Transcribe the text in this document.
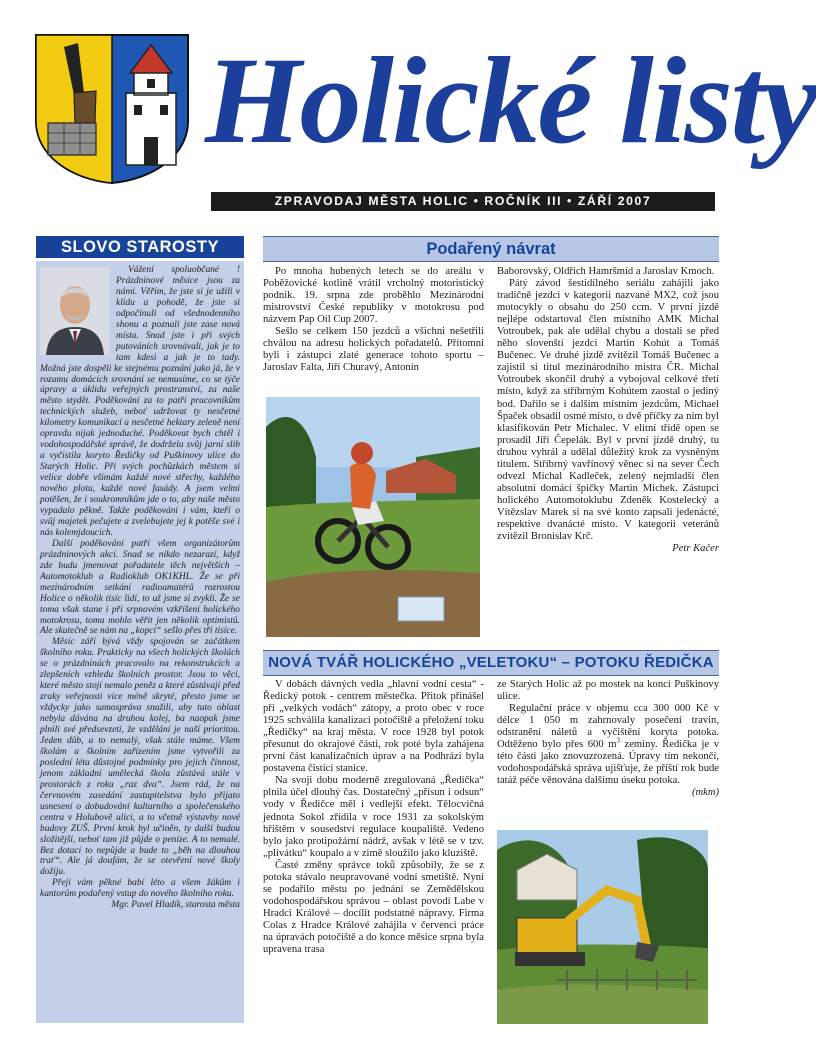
Holické listy
ZPRAVODAJ MĚSTA HOLIC • ROČNÍK III • ZÁŘÍ 2007
SLOVO STAROSTY

Vážení spoluobčané ! Prázdninové měsíce jsou za námi. Věřím, že jste si je užili v klidu a pohodě, že jste si odpočinuli od všednodenního shonu a poznali jste zase nová místa. Snad jste i při svých putováních srovnávali, jak je to tam kdesi a jak je to tady. Možná jste dospěli ke stejnému poznání jako já, že v rozumu domácích srovnání se nemusíme, co se týče úpravy a úklidu veřejných prostranství, za naše město stydět. Poděkování za to patří pracovníkům technických služeb, neboť udržovat ty nesčetné kilometry komunikací a nesčetné hektary zeleně není opravdu nijak jednoduché. Poděkovat bych chtěl i vodohospodářské správě, že dodržela svůj jarní slib a vyčistila koryto Ředičky od Puškinovy ulice do Starých Holic. Při svých pochůzkách městem si velice dobře všímám každé nové střechy, každého nového plotu, každé nové fasády. A jsem velmi potěšen, že i soukromníkům jde o to, aby naše město vypadalo pěkně. Takže poděkování i vám, kteří o svůj majetek pečujete a zvelebujete jej k potěše své i nás kolemjdoucích.

Další poděkování patří všem organizátorům prázdninových akcí. Snad se nikdo nezarazí, když zde budu jmenovat pořadatele těch největších – Automotoklub a Radioklub OK1KHL. Že se při mezinárodním setkání radioamatérů rozrostou Holice o několik tisíc lidí, to už jsme si zvykli. Že se toma však stane i při srpnovém vzkříšení holického motokrosu, tomu mohlo věřit jen několik optimistů. Ale skutečně se nám na „kopci“ sešlo přes tři tisíce.

Měsíc září bývá vždy spojován se začátkem školního roku. Prakticky na všech holických školách se o prázdninách pracovalo na rekonstrukcích a zlepšeních vzhledu školních prostor. Jsou to věci, které město stojí nemalo peněz a které zůstávají před zraky veřejnosti více méně skryté, přesto jsme se vždycky jako samospráva snažili, aby tuto oblast nebyla dávána na druhou kolej, ba naopak jsme plnili své předsevzetí, že vzdělání je naší prioritou. Jeden důb, a to nemalý, však stále máme. Všem školám a školním zařízením jsme vytvořili za poslední léta důstojné podmínky pro jejich činnost, jenom základní umělecká škola zůstává stále v prostorách z roku „raz dva“. Jsem rád, že na červnovém zasedání zastupitelstva bylo přijato usnesení o dobudování kulturního a společenského centra v Holubově ulici, a to včetně výstavby nové budovy ZUŠ. První krok byl učiněn, ty další budou složitější, neboť tam již půjde o peníze. A to nemalé. Bez dotací to nepůjde a bude to „běh na dlouhou trať“. Ale já doufám, že se otevření nové školy dožiju.

Přeji vám pěkné babí léto a všem žákům i kantorům podařený vstup do nového školního roku.

Mgr. Pavel Hladík, starosta města

Podařený návrat

Po mnoha hubených letech se do areálu v Poběžovické kotlině vrátil vrcholný motoristický podnik. 19. srpna zde proběhlo Mezinárodní mistrovství České republiky v motokrosu pod názvem Pap Oil Cup 2007.

Sešlo se celkem 150 jezdců a všichni nešetřili chválou na adresu holických pořadatelů. Přítomni byli i zástupci zlaté generace tohoto sportu – Jaroslav Falta, Jiří Churavý, Antonín

Baborovský, Oldřich Hamršmíd a Jaroslav Kmoch.

Pátý závod šestidílného seriálu zahájili jako tradičně jezdci v kategorii nazvané MX2, což jsou motocykly o obsahu do 250 ccm. V první jízdě nejlépe odstartoval člen místního AMK Michal Votroubek, pak ale udělal chybu a dostali se před něho slovenští jezdci Martin Kohút a Tomáš Bučenec. Ve druhé jízdě zvítězil Tomáš Bučenec a zajistil si titul mezinárodního mistra ČR. Michal Votroubek skončil druhý a vybojoval celkové třetí místo, když za stříbrným Kohútem zaostal o jediný bod. Dařilo se i dalším místním jezdcům, Michael Špaček obsadil osmé místo, o dvě příčky za ním byl klasifikován Petr Michalec. V elitní třídě open se prosadil Jiří Čepelák. Byl v první jízdě druhý, tu druhou vyhrál a udělal důležitý krok za vysněným titulem. Stříbrný vavřínový věnec si na sever Čech odvezl Michal Kadleček, zelený nejmladší člen absolutní domácí špičky Martin Michek. Zástupci holického Automotoklubu Zdeněk Kostelecký a Vítězslav Marek si na své konto zapsali jedenácté, respektive dvanácté místo. V kategorii veteránů zvítězil Bronislav Krč.

Petr Kačer

NOVÁ TVÁŘ HOLICKÉHO „VELETOKU“ – POTOKU ŘEDIČKA

V dobách dávných vedla „hlavní vodní cesta“ - Ředický potok - centrem městečka. Přitok přinášel při „velkých vodách“ zátopy, a proto obec v roce 1925 schválila kanalizaci potočiště a přeložení toku „Ředičky“ na kraj města. V roce 1928 byl potok přesunut do okrajové části, rok poté byla zahájena první část kanalizačních úprav a na Podhrázi byla postavena čistící stanice.

Na svoji dobu moderně zregulovaná „Ředička“ plnila účel dlouhý čas. Dostatečný „přísun i odsun“ vody v Ředičce měl i vedlejší efekt. Tělocvičná jednota Sokol zřídila v roce 1931 za sokolským hřištěm v sousedství regulace koupaliště. Vedeno bylo jako protipožární nádrž, avšak v létě se v tzv. „plivátku“ koupalo a v zimě sloužilo jako kluziště.

Časté změny správce toků způsobily, že se z potoka stávalo neupravované vodní smetiště. Nyní se podařilo městu po jednání se Zemědělskou vodohospodářskou správou – oblast povodí Labe v Hradci Králové – docílit podstatné nápravy. Firma Colas z Hradce Králové zahájila v červenci práce na úpravách potočiště a do konce měsíce srpna byla upravena trasa

ze Starých Holic až po mostek na konci Puškinovy ulice.

Regulační práce v objemu cca 300 000 Kč v délce 1 050 m zahrnovaly posečení travin, odstranění náletů a vyčištění koryta potoka. Odtěženo bylo přes 600 $m^3$ zeminy. Ředička je v této části jako znovuzrozená. Úpravy tím nekončí, vodohospodářská správa ujišťuje, že příští rok bude tatáž péče věnována dalšímu úseku potoka.

(mkm)
